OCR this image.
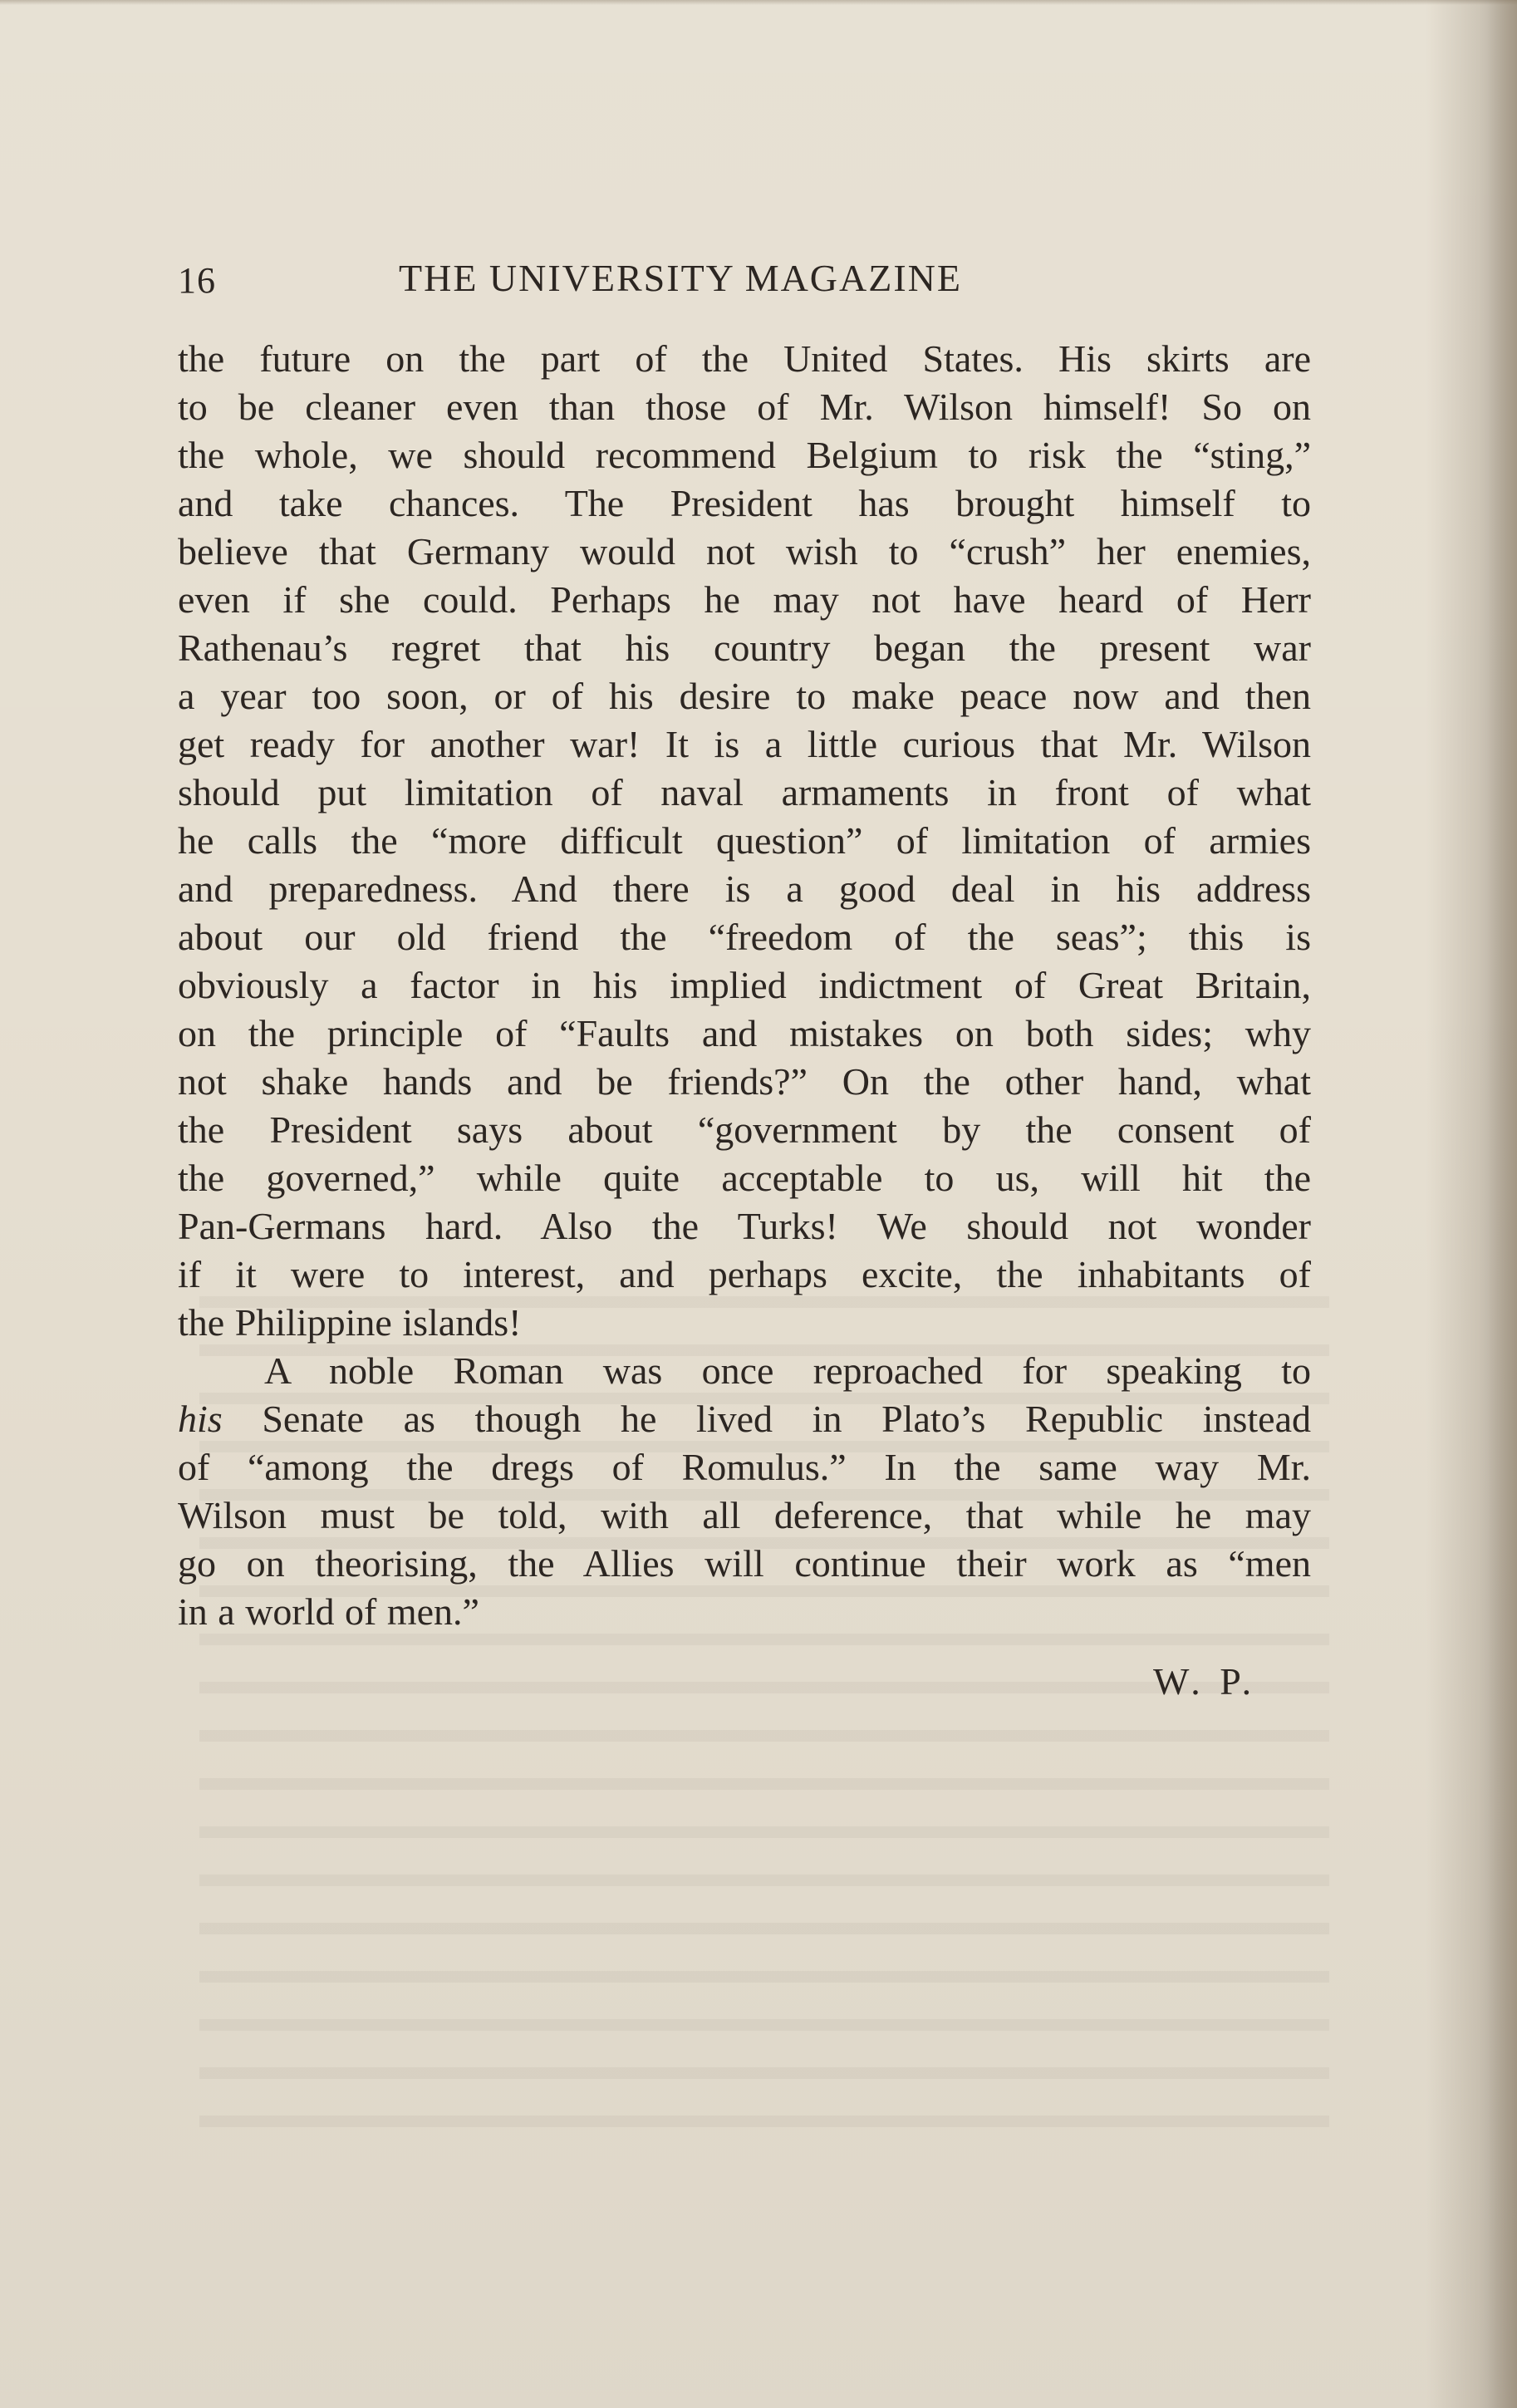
16	THE UNIVERSITY MAGAZINE
the future on the part of the United States. His skirts are
to be cleaner even than those of Mr. Wilson himself! So on
the whole, we should recommend Belgium to risk the “sting,”
and take chances. The President has brought himself to
believe that Germany would not wish to “crush” her enemies,
even if she could. Perhaps he may not have heard of Herr
Rathenau’s regret that his country began the present war
a year too soon, or of his desire to make peace now and then
get ready for another war! It is a little curious that Mr. Wilson
should put limitation of naval armaments in front of what
he calls the “more difficult question” of limitation of armies
and preparedness. And there is a good deal in his address
about our old friend the “freedom of the seas”; this is
obviously a factor in his implied indictment of Great Britain,
on the principle of “Faults and mistakes on both sides; why
not shake hands and be friends?” On the other hand, what
the President says about “government by the consent of
the governed,” while quite acceptable to us, will hit the
Pan-Germans hard. Also the Turks! We should not wonder
if it were to interest, and perhaps excite, the inhabitants of
the Philippine islands!
A noble Roman was once reproached for speaking to
his Senate as though he lived in Plato’s Republic instead
of “among the dregs of Romulus.” In the same way Mr.
Wilson must be told, with all deference, that while he may
go on theorising, the Allies will continue their work as “men
in a world of men.”
W. P.
